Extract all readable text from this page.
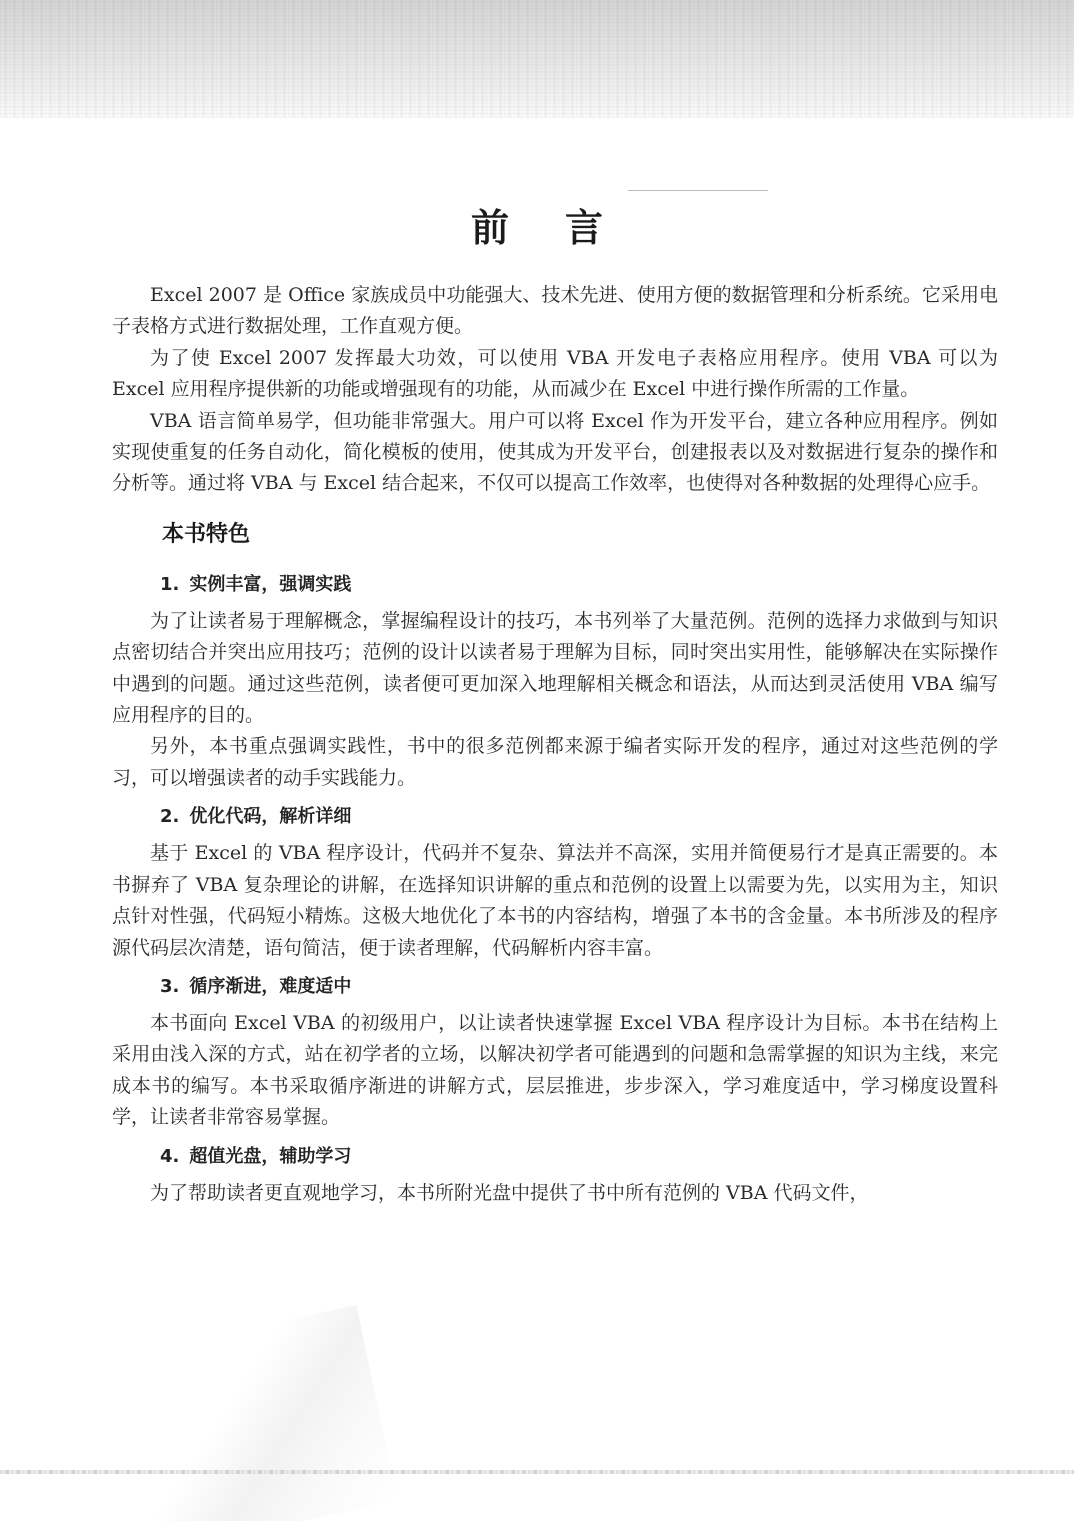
前言

Excel 2007 是 Office 家族成员中功能强大、技术先进、使用方便的数据管理和分析系统。它采用电子表格方式进行数据处理，工作直观方便。

为了使 Excel 2007 发挥最大功效，可以使用 VBA 开发电子表格应用程序。使用 VBA 可以为 Excel 应用程序提供新的功能或增强现有的功能，从而减少在 Excel 中进行操作所需的工作量。

VBA 语言简单易学，但功能非常强大。用户可以将 Excel 作为开发平台，建立各种应用程序。例如实现使重复的任务自动化，简化模板的使用，使其成为开发平台，创建报表以及对数据进行复杂的操作和分析等。通过将 VBA 与 Excel 结合起来，不仅可以提高工作效率，也使得对各种数据的处理得心应手。

本书特色
1. 实例丰富，强调实践

为了让读者易于理解概念，掌握编程设计的技巧，本书列举了大量范例。范例的选择力求做到与知识点密切结合并突出应用技巧；范例的设计以读者易于理解为目标，同时突出实用性，能够解决在实际操作中遇到的问题。通过这些范例，读者便可更加深入地理解相关概念和语法，从而达到灵活使用 VBA 编写应用程序的目的。

另外，本书重点强调实践性，书中的很多范例都来源于编者实际开发的程序，通过对这些范例的学习，可以增强读者的动手实践能力。

2. 优化代码，解析详细

基于 Excel 的 VBA 程序设计，代码并不复杂、算法并不高深，实用并简便易行才是真正需要的。本书摒弃了 VBA 复杂理论的讲解，在选择知识讲解的重点和范例的设置上以需要为先，以实用为主，知识点针对性强，代码短小精炼。这极大地优化了本书的内容结构，增强了本书的含金量。本书所涉及的程序源代码层次清楚，语句简洁，便于读者理解，代码解析内容丰富。

3. 循序渐进，难度适中

本书面向 Excel VBA 的初级用户，以让读者快速掌握 Excel VBA 程序设计为目标。本书在结构上采用由浅入深的方式，站在初学者的立场，以解决初学者可能遇到的问题和急需掌握的知识为主线，来完成本书的编写。本书采取循序渐进的讲解方式，层层推进，步步深入，学习难度适中，学习梯度设置科学，让读者非常容易掌握。

4. 超值光盘，辅助学习

为了帮助读者更直观地学习，本书所附光盘中提供了书中所有范例的 VBA 代码文件，
